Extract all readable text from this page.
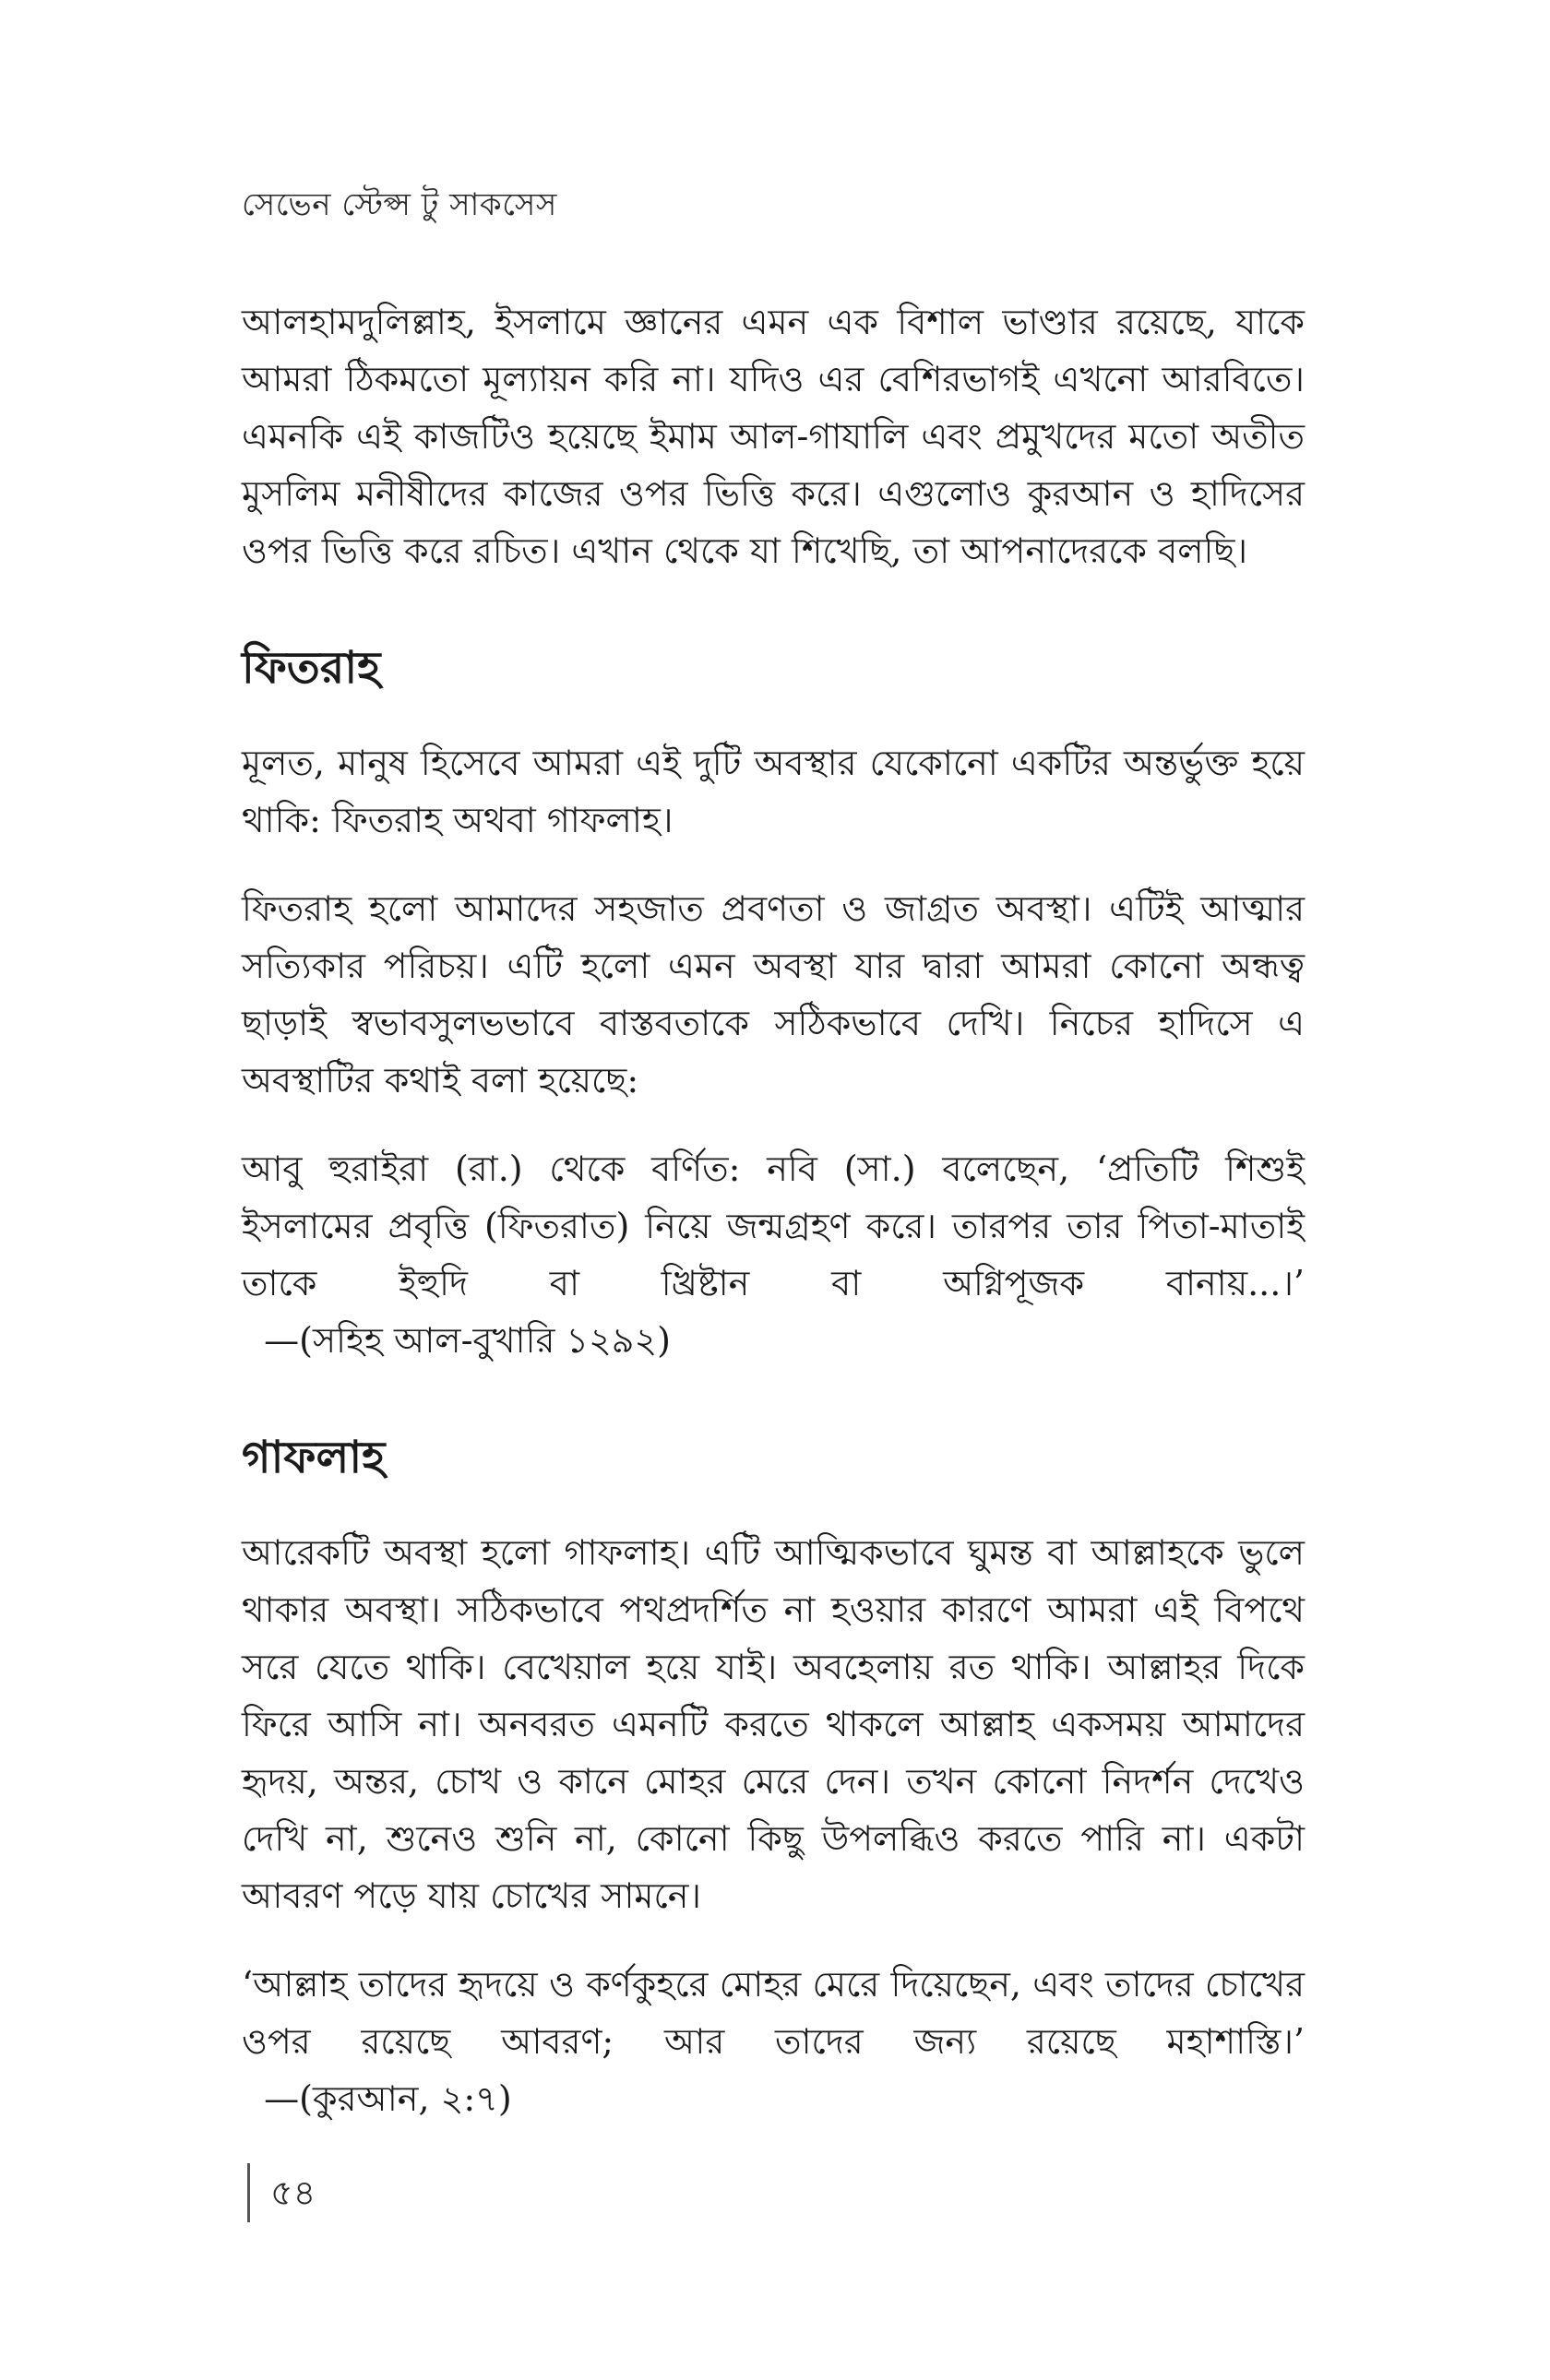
সেভেন স্টেপ্স টু সাকসেস

আলহামদুলিল্লাহ, ইসলামে জ্ঞানের এমন এক বিশাল ভাণ্ডার রয়েছে, যাকে আমরা ঠিকমতো মূল্যায়ন করি না। যদিও এর বেশিরভাগই এখনো আরবিতে। এমনকি এই কাজটিও হয়েছে ইমাম আল-গাযালি এবং প্রমুখদের মতো অতীত মুসলিম মনীষীদের কাজের ওপর ভিত্তি করে। এগুলোও কুরআন ও হাদিসের ওপর ভিত্তি করে রচিত। এখান থেকে যা শিখেছি, তা আপনাদেরকে বলছি।

ফিতরাহ

মূলত, মানুষ হিসেবে আমরা এই দুটি অবস্থার যেকোনো একটির অন্তর্ভুক্ত হয়ে থাকি: ফিতরাহ অথবা গাফলাহ।

ফিতরাহ হলো আমাদের সহজাত প্রবণতা ও জাগ্রত অবস্থা। এটিই আত্মার সত্যিকার পরিচয়। এটি হলো এমন অবস্থা যার দ্বারা আমরা কোনো অন্ধত্ব ছাড়াই স্বভাবসুলভভাবে বাস্তবতাকে সঠিকভাবে দেখি। নিচের হাদিসে এ অবস্থাটির কথাই বলা হয়েছে:

আবু হুরাইরা (রা.) থেকে বর্ণিত: নবি (সা.) বলেছেন, ‘প্রতিটি শিশুই ইসলামের প্রবৃত্তি (ফিতরাত) নিয়ে জন্মগ্রহণ করে। তারপর তার পিতা-মাতাই তাকে ইহুদি বা খ্রিষ্টান বা অগ্নিপূজক বানায়...।’   —(সহিহ আল-বুখারি ১২৯২)

গাফলাহ

আরেকটি অবস্থা হলো গাফলাহ। এটি আত্মিকভাবে ঘুমন্ত বা আল্লাহকে ভুলে থাকার অবস্থা। সঠিকভাবে পথপ্রদর্শিত না হওয়ার কারণে আমরা এই বিপথে সরে যেতে থাকি। বেখেয়াল হয়ে যাই। অবহেলায় রত থাকি। আল্লাহর দিকে ফিরে আসি না। অনবরত এমনটি করতে থাকলে আল্লাহ একসময় আমাদের হৃদয়, অন্তর, চোখ ও কানে মোহর মেরে দেন। তখন কোনো নিদর্শন দেখেও দেখি না, শুনেও শুনি না, কোনো কিছু উপলব্ধিও করতে পারি না। একটা আবরণ পড়ে যায় চোখের সামনে।

‘আল্লাহ তাদের হৃদয়ে ও কর্ণকুহরে মোহর মেরে দিয়েছেন, এবং তাদের চোখের ওপর রয়েছে আবরণ; আর তাদের জন্য রয়েছে মহাশাস্তি।’   —(কুরআন, ২:৭)

৫৪
